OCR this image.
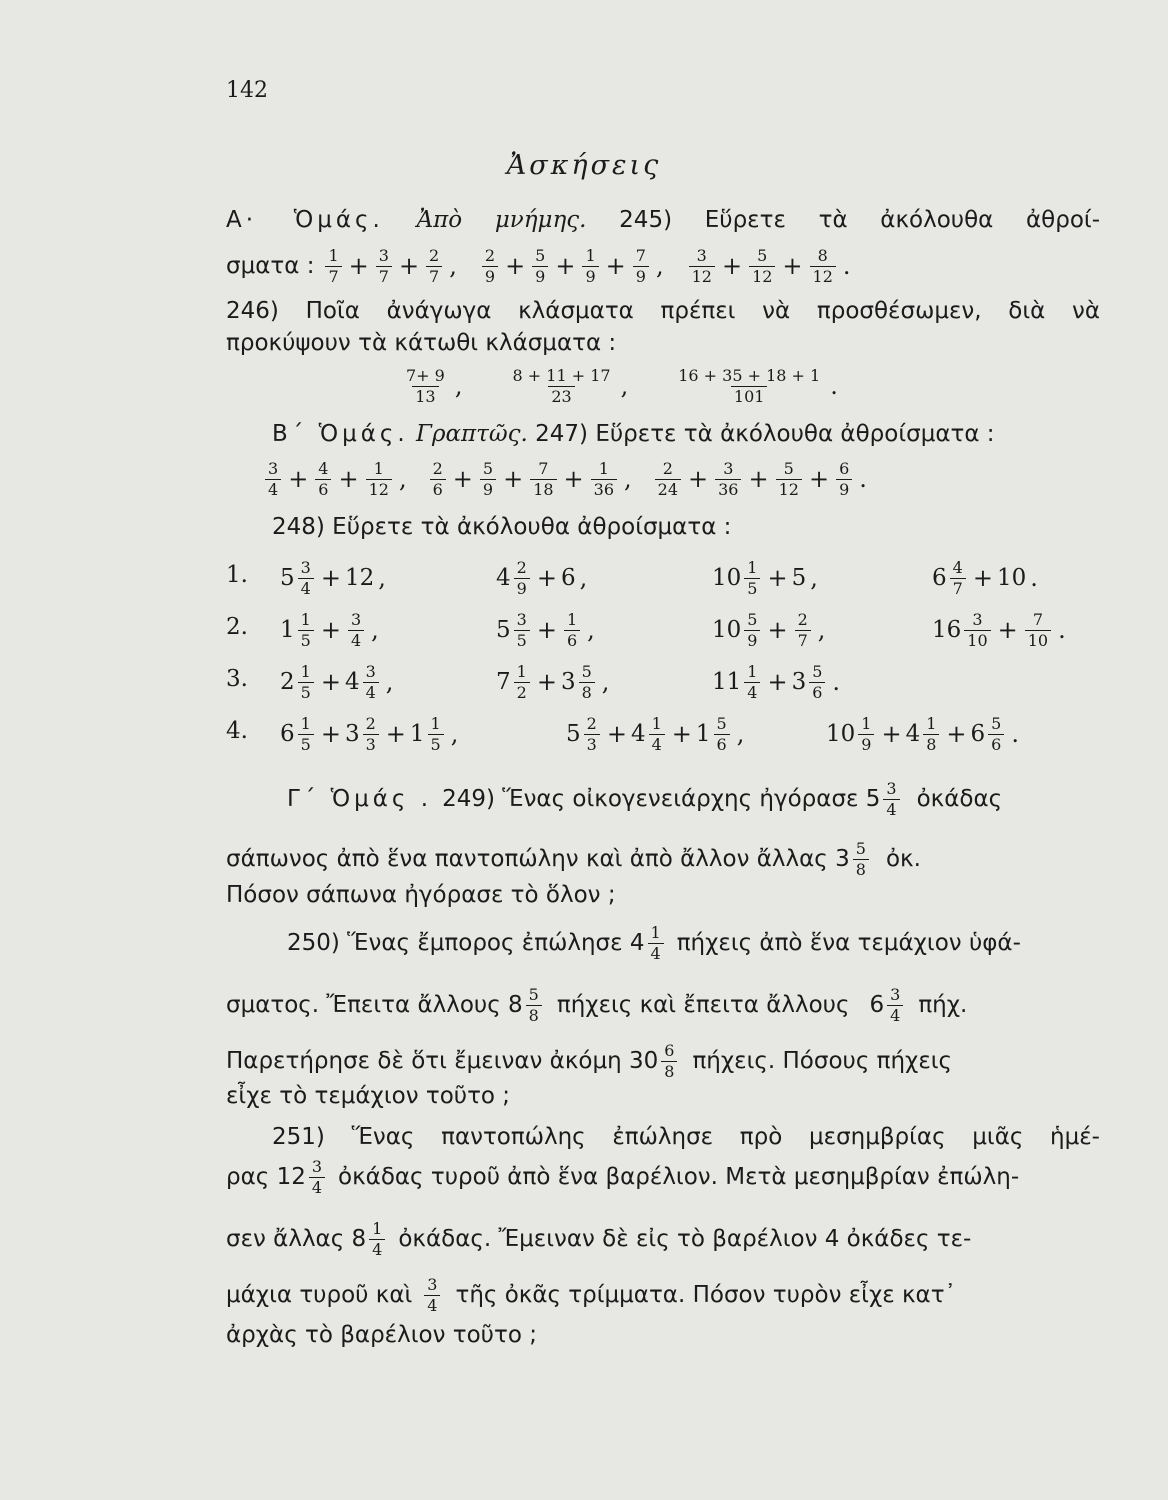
142
Ἀσκήσεις
Α· Ὁμάς. Ἀπὸ μνήμης. 245) Εὕρετε τὰ ἀκόλουθα ἀθροί-
σματα : $\frac{1}{7} + \frac{3}{7} + \frac{2}{7}$ , $\frac{2}{9} + \frac{5}{9} + \frac{1}{9} + \frac{7}{9}$ , $\frac{3}{12} + \frac{5}{12} + \frac{8}{12}$ .
246) Ποῖα ἀνάγωγα κλάσματα πρέπει νὰ προσθέσωμεν, διὰ νὰ
προκύψουν τὰ κάτωθι κλάσματα :
$\frac{7+ 9}{13}$ ,	$\frac{8 + 11 + 17}{23}$ ,	$\frac{16 + 35 + 18 + 1}{101}$ .
Β΄ Ὁμάς. Γραπτῶς. 247) Εὕρετε τὰ ἀκόλουθα ἀθροίσματα :
$\frac{3}{4} + \frac{4}{6} + \frac{1}{12}$ , $\frac{2}{6} + \frac{5}{9} + \frac{7}{18} + \frac{1}{36}$ , $\frac{2}{24} + \frac{3}{36} + \frac{5}{12} + \frac{6}{9}$ .
248) Εὕρετε τὰ ἀκόλουθα ἀθροίσματα :
1. $5 \frac{3}{4} + 12$ ,	$4 \frac{2}{9} + 6$ ,	$10 \frac{1}{5} + 5$ ,	$6 \frac{4}{7} + 10$ .
2. $1 \frac{1}{5} + \frac{3}{4}$ ,	$5 \frac{3}{5} + \frac{1}{6}$ ,	$10 \frac{5}{9} + \frac{2}{7}$ ,	$16 \frac{3}{10} + \frac{7}{10}$ .
3. $2 \frac{1}{5} + 4 \frac{3}{4}$ ,	$7 \frac{1}{2} + 3 \frac{5}{8}$ ,	$11 \frac{1}{4} + 3 \frac{5}{6}$ .
4. $6 \frac{1}{5} + 3 \frac{2}{3} + 1 \frac{1}{5}$ ,	$5 \frac{2}{3} + 4 \frac{1}{4} + 1 \frac{5}{6}$ ,	$10 \frac{1}{9} + 4 \frac{1}{8} + 6 \frac{5}{6}$ .
Γ΄ Ὁμάς . 249) Ἕνας οἰκογενειάρχης ἠγόρασε 5 3
4 ὀκάδας
σάπωνος ἀπὸ ἕνα παντοπώλην καὶ ἀπὸ ἄλλον ἄλλας 3 5
8 ὀκ.
Πόσον σάπωνα ἠγόρασε τὸ ὅλον ;
250) Ἕνας ἔμπορος ἐπώλησε 4 1
4 πήχεις ἀπὸ ἕνα τεμάχιον ὑφά-
σματος. Ἔπειτα ἄλλους 8 5
8 πήχεις καὶ ἔπειτα ἄλλους 6 3
4 πήχ.
Παρετήρησε δὲ ὅτι ἔμειναν ἀκόμη 30 6
8 πήχεις. Πόσους πήχεις
εἶχε τὸ τεμάχιον τοῦτο ;
251) Ἕνας παντοπώλης ἐπώλησε πρὸ μεσημβρίας μιᾶς ἡμέ-
ρας 12 3
4 ὀκάδας τυροῦ ἀπὸ ἕνα βαρέλιον. Μετὰ μεσημβρίαν ἐπώλη-
σεν ἄλλας 8 1
4 ὀκάδας. Ἔμειναν δὲ εἰς τὸ βαρέλιον 4 ὀκάδες τε-
μάχια τυροῦ καὶ 3
4 τῆς ὀκᾶς τρίμματα. Πόσον τυρὸν εἶχε κατ᾽
ἀρχὰς τὸ βαρέλιον τοῦτο ;
